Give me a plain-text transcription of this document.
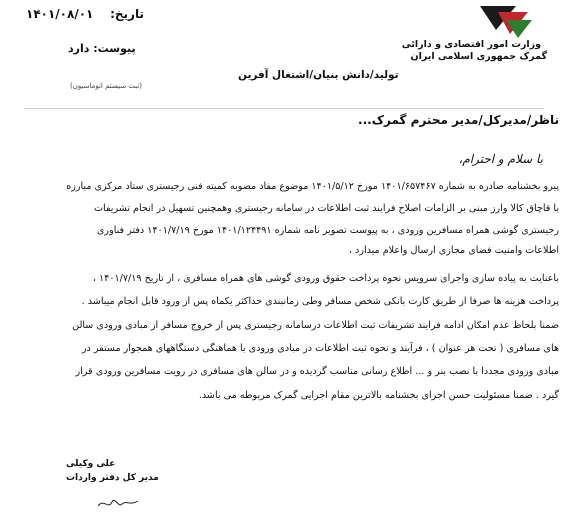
وزارت امور اقتصادی و دارائی
گمرک جمهوری اسلامی ایران
۱۴۰۱/۰۸/۰۱ تاریخ:
پیوست: دارد
(ثبت سیستم اتوماسیون)
تولید/دانش بنیان/اشتغال آفرین
ناظر/مدیرکل/مدیر محترم گمرک...
با سلام و احترام،
پیرو بخشنامه صادره به شماره ۱۴۰۱/۶۵۷۴۶۷ مورخ ۱۴۰۱/۵/۱۲ موضوع مفاد مصوبه کمیته فنی رجیستری ستاد مرکزی مبارزه
با قاچاق کالا وارز مبنی بر الزامات اصلاح فرایند ثبت اطلاعات در سامانه رجیستری وهمچنین تسهیل در انجام تشریفات
رجیستری گوشی همراه مسافرین ورودی ، به پیوست تصویر نامه شماره ۱۴۰۱/۱۲۴۴۹۱ مورخ ۱۴۰۱/۷/۱۹ دفتر فناوری
اطلاعات وامنیت فضای مجازی ارسال واعلام میدارد ،
باعنایت به پیاده سازی واجرای سرویس نحوه پرداخت حقوق ورودی گوشی های همراه مسافری ، از تاریخ ۱۴۰۱/۷/۱۹ ،
پرداخت هزینه ها صرفا از طریق کارت بانکی شخص مسافر وطی زمانبندی حداکثر یکماه پس از ورود قابل انجام میباشد .
ضمنا بلحاظ عدم امکان ادامه فرایند تشریفات ثبت اطلاعات درسامانه رجیستری پس از خروج مسافر از مبادی ورودی سالن
های مسافری ( تحت هر عنوان ) ، فرآیند و نحوه ثبت اطلاعات در مبادی ورودی با هماهنگی دستگاههای همجوار مستقر در
مبادی ورودی مجددا با نصب بنر و ... اطلاع رسانی مناسب گردیده و در سالن های مسافری در رویت مسافرین ورودی قرار
گیرد . ضمنا مسئولیت حسن اجرای بخشنامه بالاترین مقام اجرایی گمرک مربوطه می باشد.
علی وکیلی
مدیر کل دفتر واردات
